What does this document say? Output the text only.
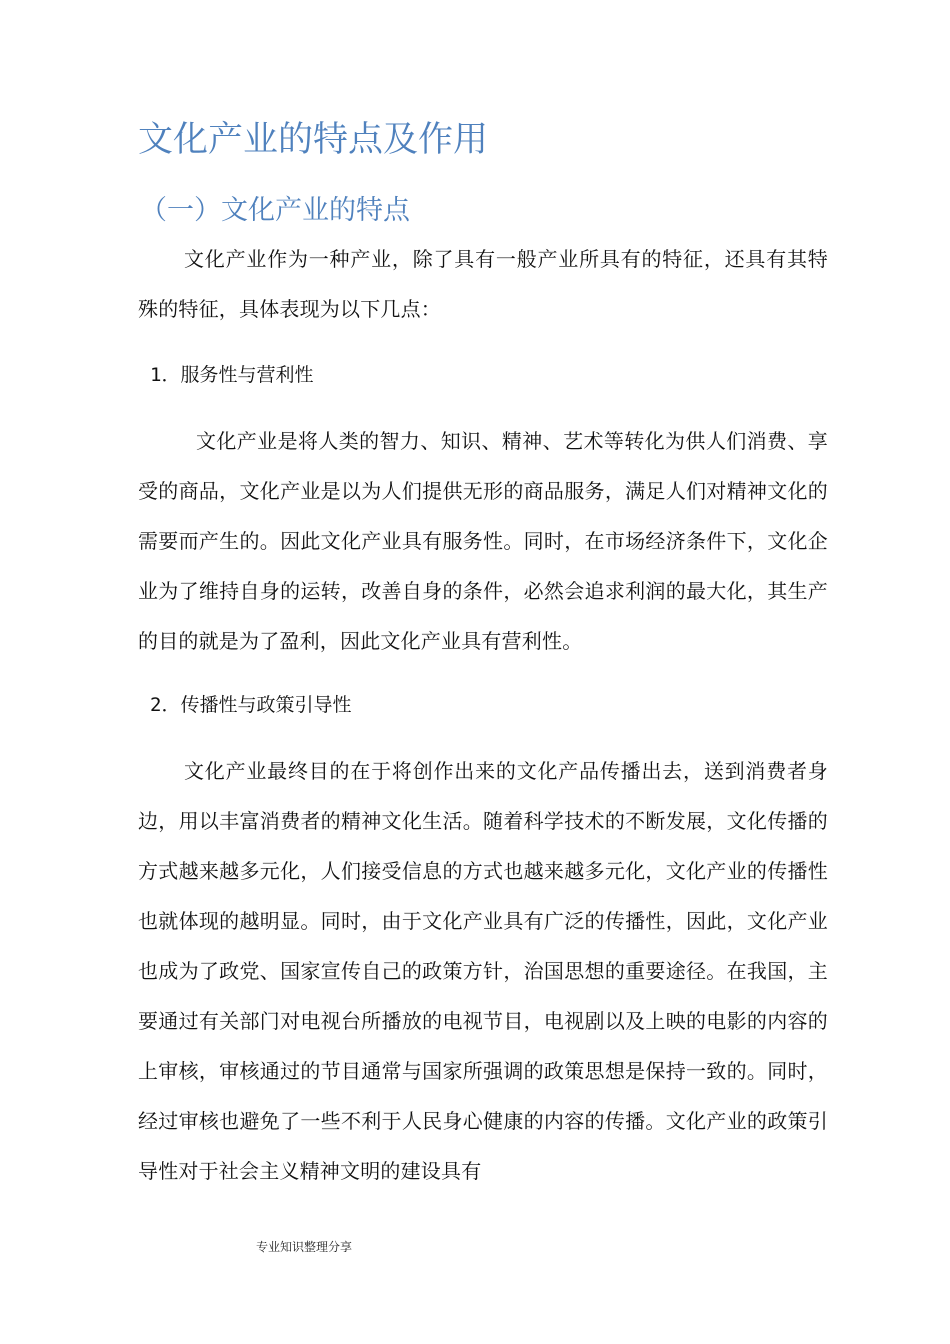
文化产业的特点及作用
（一）文化产业的特点

文化产业作为一种产业，除了具有一般产业所具有的特征，还具有其特殊的特征，具体表现为以下几点：

1．服务性与营利性

文化产业是将人类的智力、知识、精神、艺术等转化为供人们消费、享受的商品，文化产业是以为人们提供无形的商品服务，满足人们对精神文化的需要而产生的。因此文化产业具有服务性。同时，在市场经济条件下，文化企业为了维持自身的运转，改善自身的条件，必然会追求利润的最大化，其生产的目的就是为了盈利，因此文化产业具有营利性。

2．传播性与政策引导性

文化产业最终目的在于将创作出来的文化产品传播出去，送到消费者身边，用以丰富消费者的精神文化生活。随着科学技术的不断发展，文化传播的方式越来越多元化，人们接受信息的方式也越来越多元化，文化产业的传播性也就体现的越明显。同时，由于文化产业具有广泛的传播性，因此，文化产业也成为了政党、国家宣传自己的政策方针，治国思想的重要途径。在我国，主要通过有关部门对电视台所播放的电视节目，电视剧以及上映的电影的内容的上审核，审核通过的节目通常与国家所强调的政策思想是保持一致的。同时，经过审核也避免了一些不利于人民身心健康的内容的传播。文化产业的政策引导性对于社会主义精神文明的建设具有

专业知识整理分享
